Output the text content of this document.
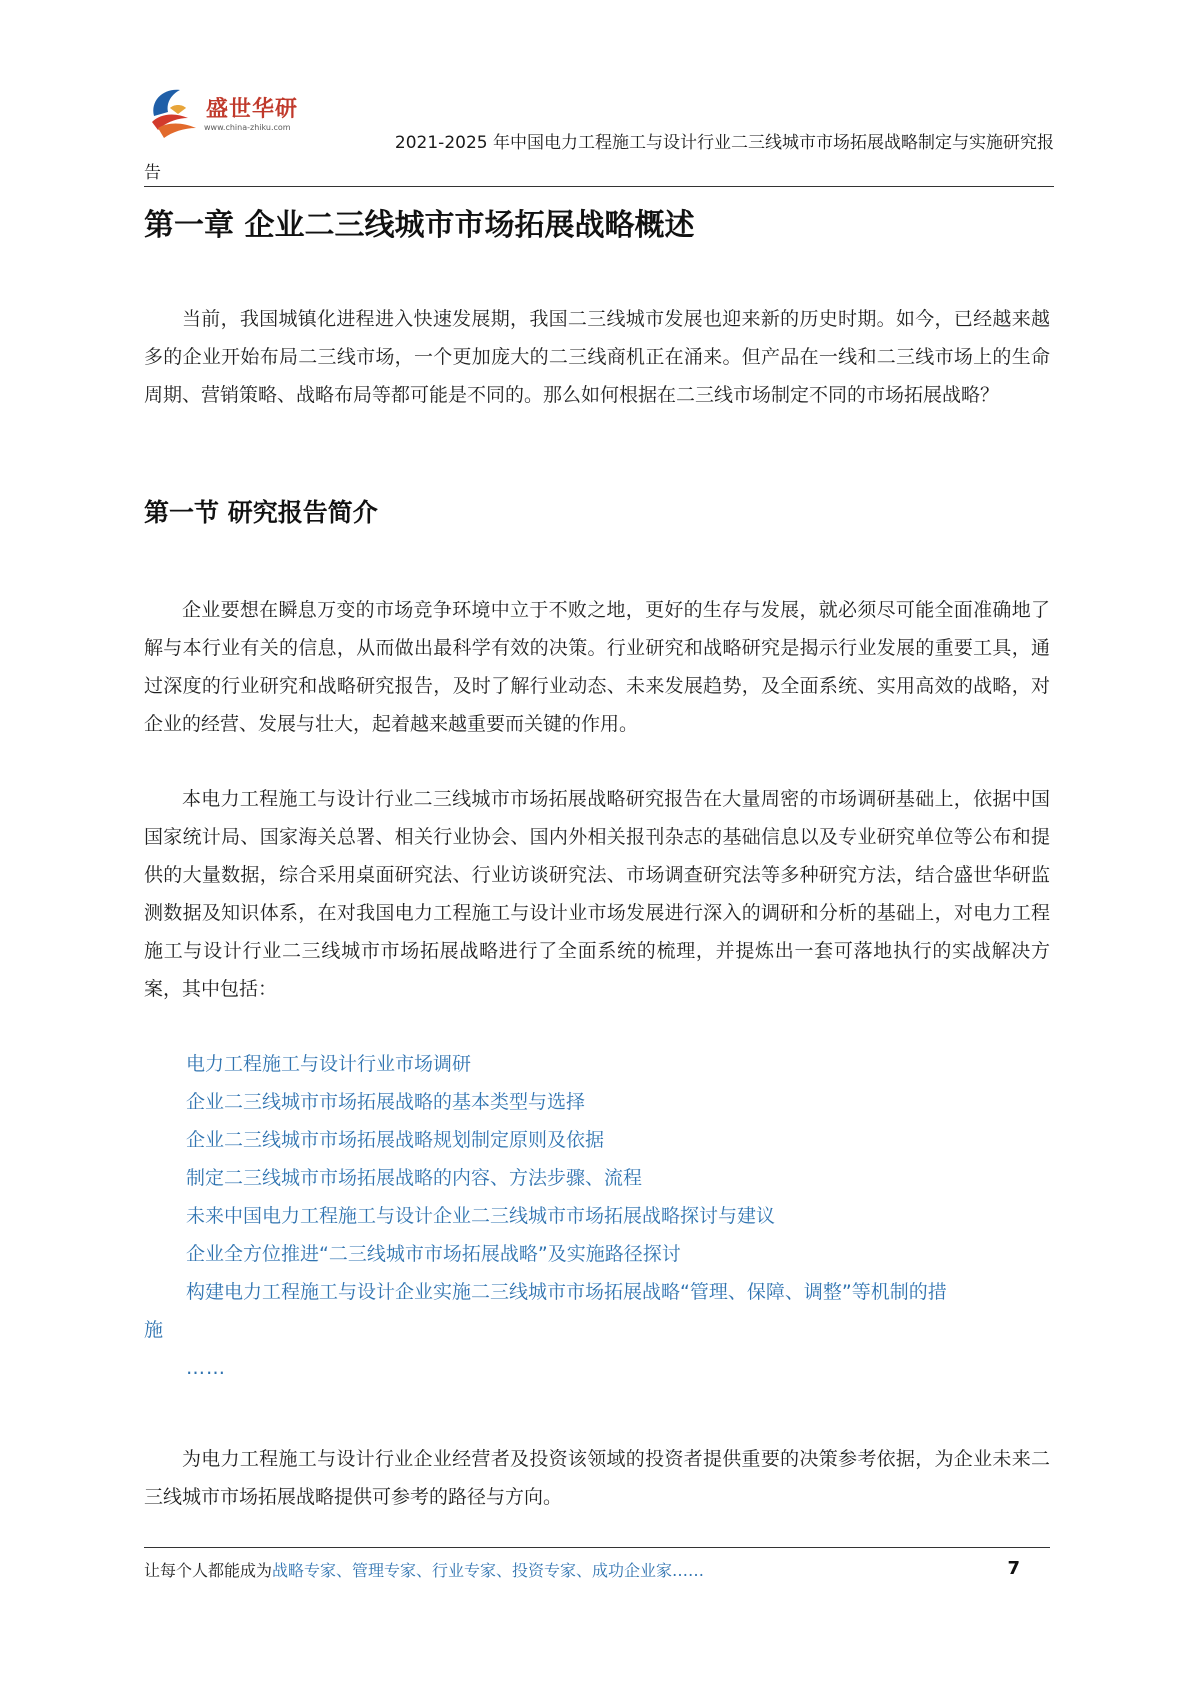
盛世华研
www.china-zhiku.com
2021-2025 年中国电力工程施工与设计行业二三线城市市场拓展战略制定与实施研究报
告
第一章 企业二三线城市市场拓展战略概述

当前，我国城镇化进程进入快速发展期，我国二三线城市发展也迎来新的历史时期。如今，已经越来越多的企业开始布局二三线市场，一个更加庞大的二三线商机正在涌来。但产品在一线和二三线市场上的生命周期、营销策略、战略布局等都可能是不同的。那么如何根据在二三线市场制定不同的市场拓展战略？

第一节 研究报告简介

企业要想在瞬息万变的市场竞争环境中立于不败之地，更好的生存与发展，就必须尽可能全面准确地了解与本行业有关的信息，从而做出最科学有效的决策。行业研究和战略研究是揭示行业发展的重要工具，通过深度的行业研究和战略研究报告，及时了解行业动态、未来发展趋势，及全面系统、实用高效的战略，对企业的经营、发展与壮大，起着越来越重要而关键的作用。

本电力工程施工与设计行业二三线城市市场拓展战略研究报告在大量周密的市场调研基础上，依据中国国家统计局、国家海关总署、相关行业协会、国内外相关报刊杂志的基础信息以及专业研究单位等公布和提供的大量数据，综合采用桌面研究法、行业访谈研究法、市场调查研究法等多种研究方法，结合盛世华研监测数据及知识体系，在对我国电力工程施工与设计业市场发展进行深入的调研和分析的基础上，对电力工程施工与设计行业二三线城市市场拓展战略进行了全面系统的梳理，并提炼出一套可落地执行的实战解决方案，其中包括：

电力工程施工与设计行业市场调研
企业二三线城市市场拓展战略的基本类型与选择
企业二三线城市市场拓展战略规划制定原则及依据
制定二三线城市市场拓展战略的内容、方法步骤、流程
未来中国电力工程施工与设计企业二三线城市市场拓展战略探讨与建议
企业全方位推进“二三线城市市场拓展战略”及实施路径探讨
构建电力工程施工与设计企业实施二三线城市市场拓展战略“管理、保障、调整”等机制的措
施
……

为电力工程施工与设计行业企业经营者及投资该领域的投资者提供重要的决策参考依据，为企业未来二三线城市市场拓展战略提供可参考的路径与方向。

让每个人都能成为战略专家、管理专家、行业专家、投资专家、成功企业家……	7
